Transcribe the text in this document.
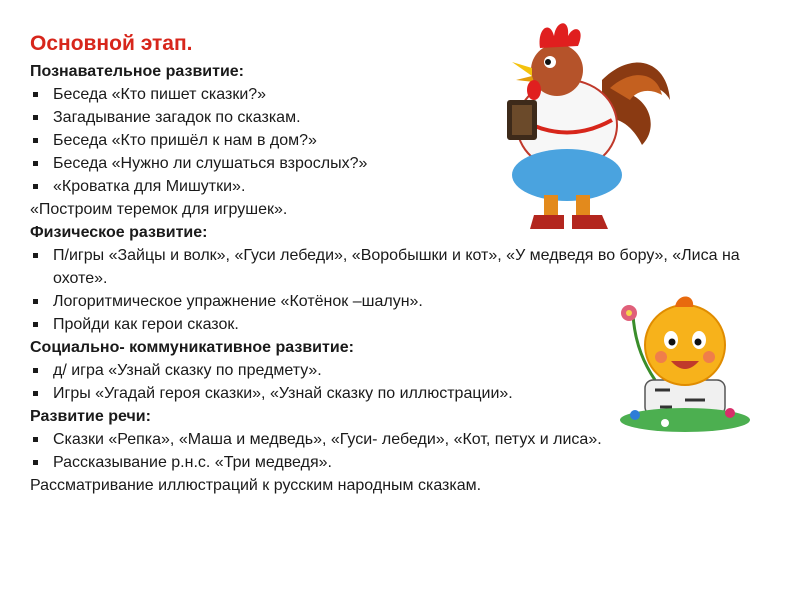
Основной этап.
Познавательное развитие:
Беседа «Кто пишет сказки?»
Загадывание загадок по сказкам.
Беседа «Кто пришёл к нам в дом?»
Беседа «Нужно ли слушаться взрослых?»
«Кроватка для Мишутки».
«Построим теремок для игрушек».
Физическое развитие:
П/игры «Зайцы и волк», «Гуси лебеди», «Воробышки и кот», «У медведя во бору», «Лиса на охоте».
Логоритмическое упражнение «Котёнок –шалун».
Пройди как герои сказок.
Социально- коммуникативное развитие:
д/ игра «Узнай сказку по предмету».
Игры «Угадай героя сказки», «Узнай сказку по иллюстрации».
Развитие речи:
Сказки «Репка», «Маша и медведь», «Гуси- лебеди», «Кот, петух и лиса».
Рассказывание р.н.с. «Три медведя».
Рассматривание иллюстраций к русским народным сказкам.
